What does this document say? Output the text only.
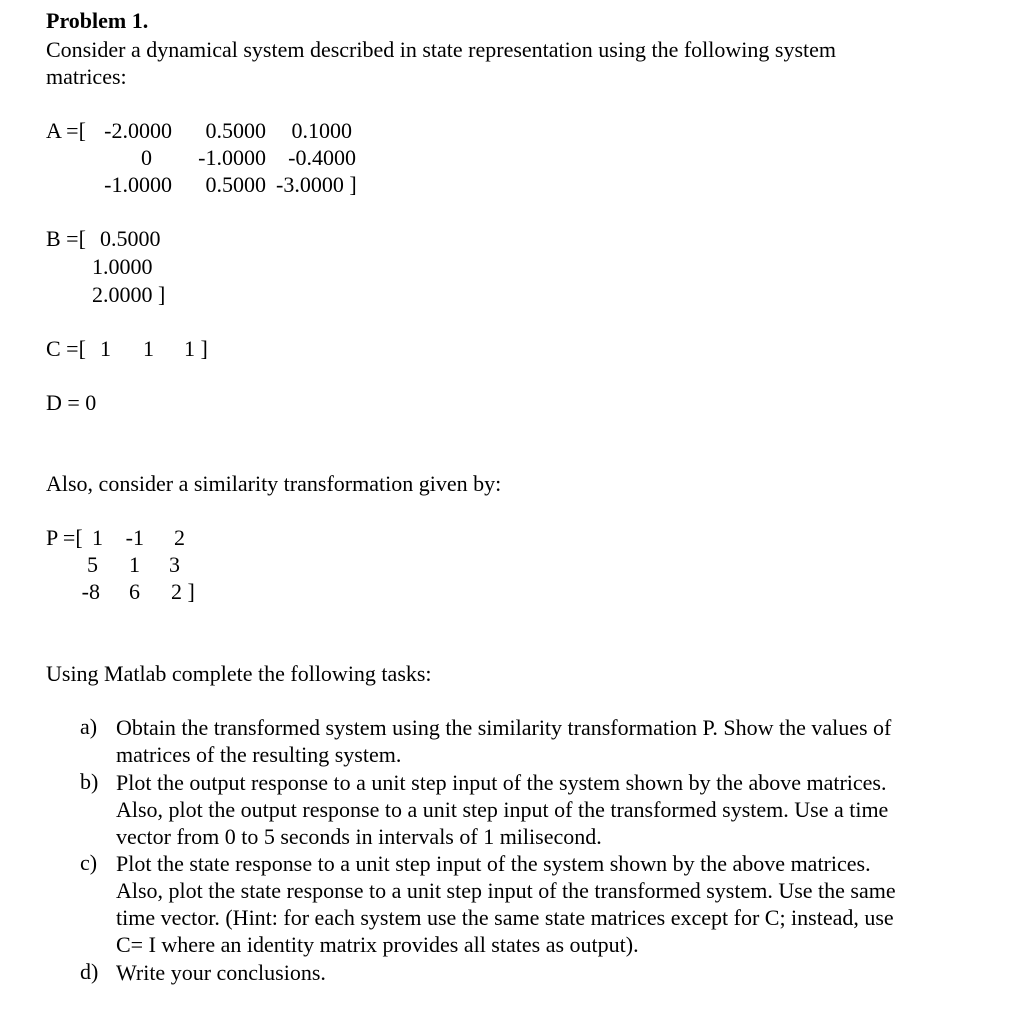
Problem 1.
Consider a dynamical system described in state representation using the following system
matrices:
A =[ -2.0000
0
-1.0000
0.5000
-1.0000
0.5000
0.1000
-0.4000
-3.0000 ]
B =[ 0.5000
1.0000
2.0000 ]
C =[ 1 1 1 ]
D = 0
Also, consider a similarity transformation given by:
P =[ 1
5
-8
-1
1
6
2
3
2 ]
Using Matlab complete the following tasks:
a) Obtain the transformed system using the similarity transformation P. Show the values of
matrices of the resulting system.
b) Plot the output response to a unit step input of the system shown by the above matrices.
Also, plot the output response to a unit step input of the transformed system. Use a time
vector from 0 to 5 seconds in intervals of 1 milisecond.
c) Plot the state response to a unit step input of the system shown by the above matrices.
Also, plot the state response to a unit step input of the transformed system. Use the same
time vector. (Hint: for each system use the same state matrices except for C; instead, use
C= I where an identity matrix provides all states as output).
d) Write your conclusions.
